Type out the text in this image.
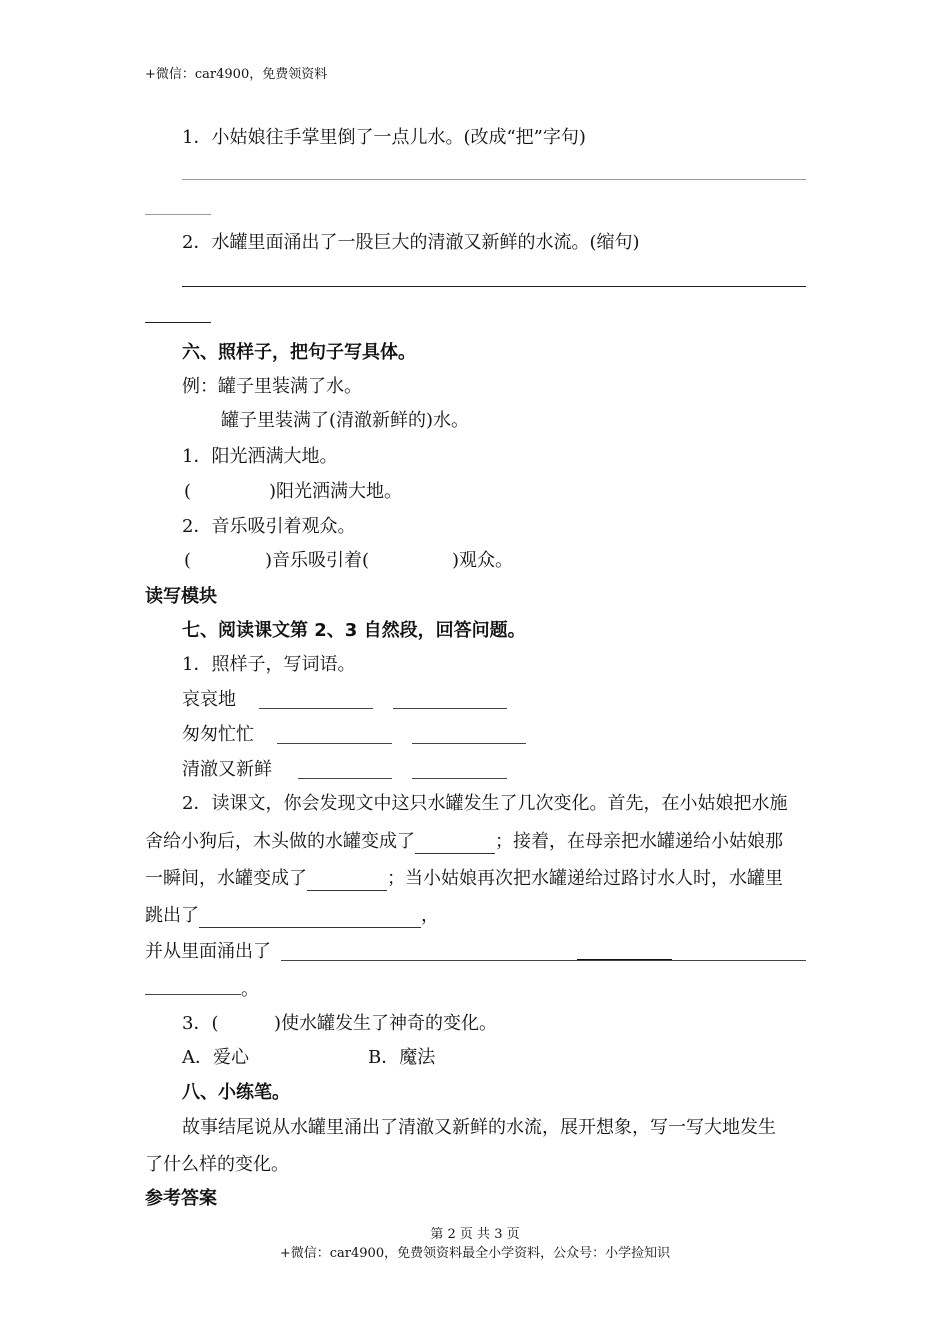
+微信：car4900，免费领资料
1．小姑娘往手掌里倒了一点儿水。(改成“把”字句)
2．水罐里面涌出了一股巨大的清澈又新鲜的水流。(缩句)
六、照样子，把句子写具体。
例：罐子里装满了水。
罐子里装满了(清澈新鲜的)水。
1．阳光洒满大地。
(	)阳光洒满大地。
2．音乐吸引着观众。
(	)音乐吸引着(	)观众。
读写模块
七、阅读课文第 2、3 自然段，回答问题。
1．照样子，写词语。
哀哀地
匆匆忙忙
清澈又新鲜
2．读课文，你会发现文中这只水罐发生了几次变化。首先，在小姑娘把水施
舍给小狗后，木头做的水罐变成了	；接着，在母亲把水罐递给小姑娘那
一瞬间，水罐变成了	；当小姑娘再次把水罐递给过路讨水人时，水罐里
跳出了	，
并从里面涌出了
。
3．(	)使水罐发生了神奇的变化。
A．爱心	B．魔法
八、小练笔。
故事结尾说从水罐里涌出了清澈又新鲜的水流，展开想象，写一写大地发生
了什么样的变化。
参考答案
第 2 页 共 3 页
+微信：car4900，免费领资料最全小学资料，公众号：小学捡知识
